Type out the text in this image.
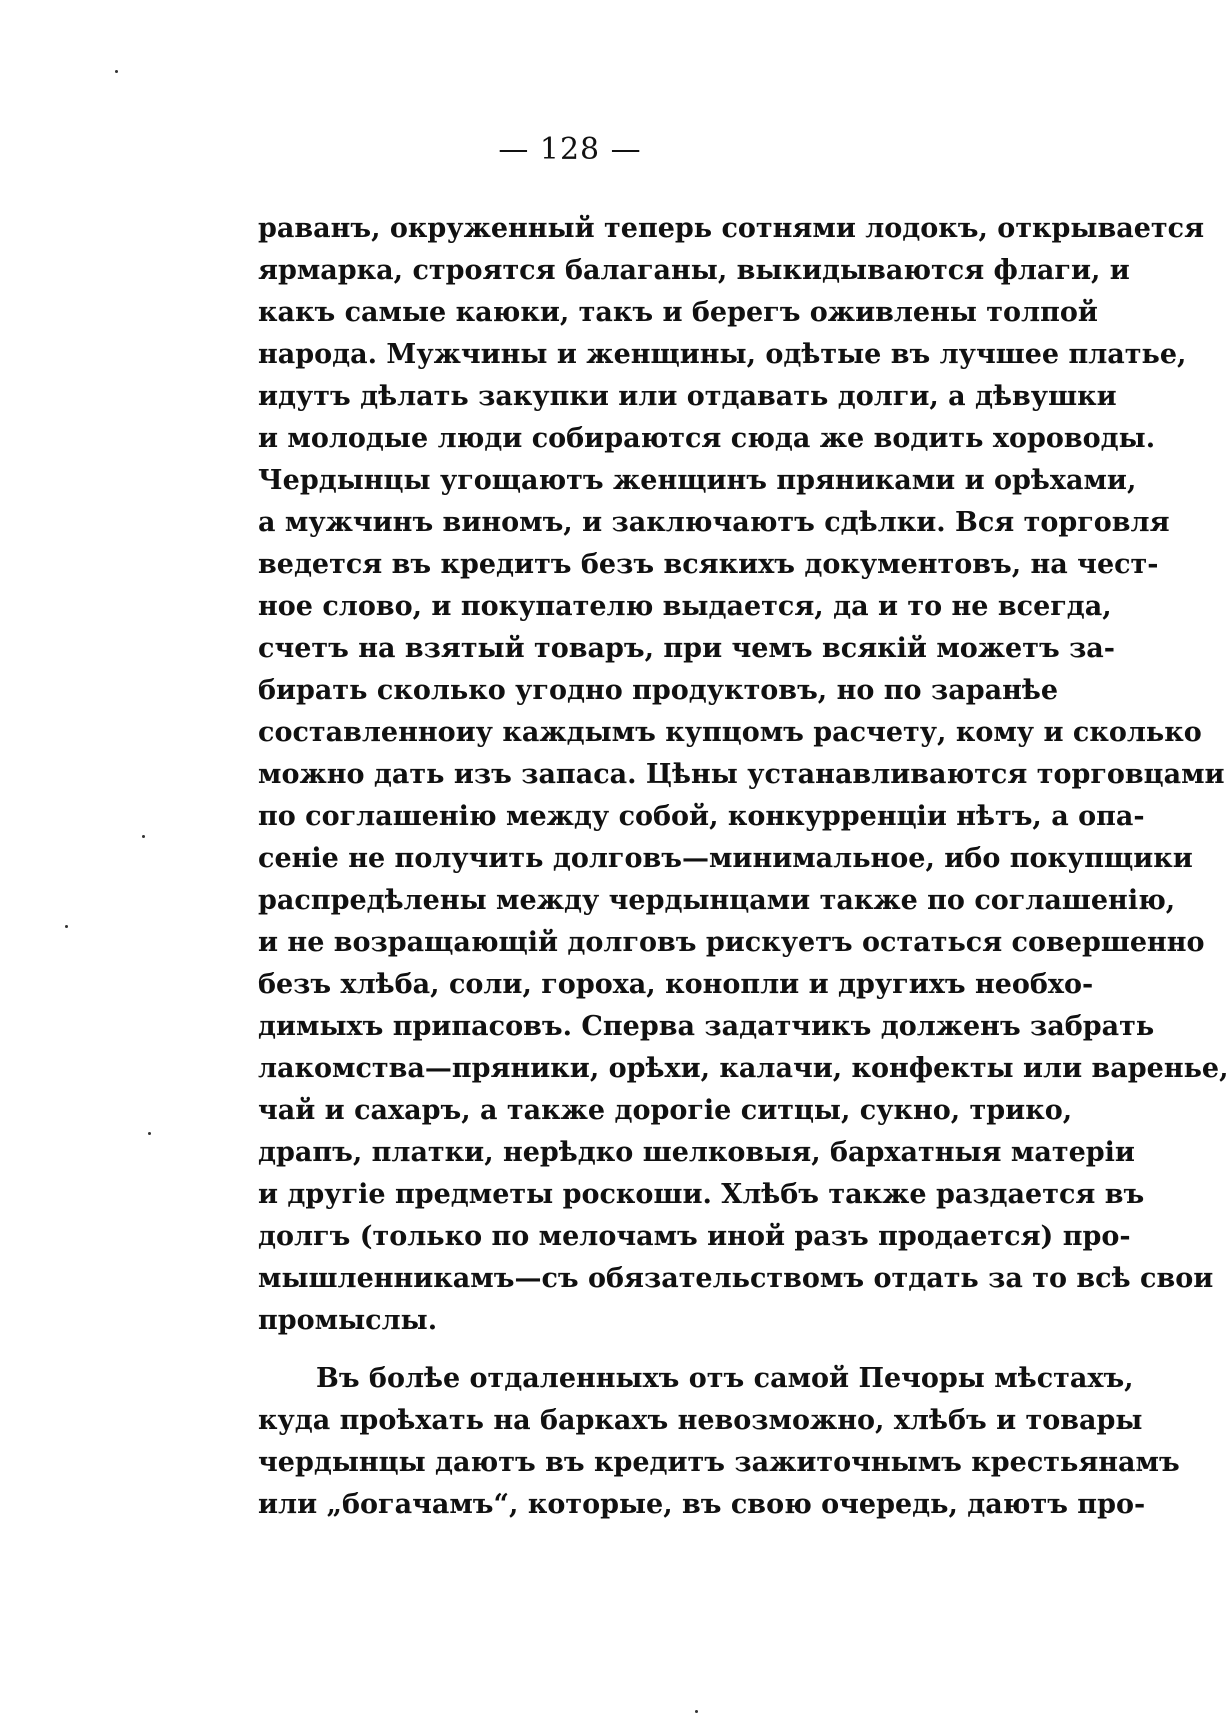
— 128 —
раванъ, окруженный теперь сотнями лодокъ, открывается
ярмарка, строятся балаганы, выкидываются флаги, и
какъ самые каюки, такъ и берегъ оживлены толпой
народа. Мужчины и женщины, одѣтые въ лучшее платье,
идутъ дѣлать закупки или отдавать долги, а дѣвушки
и молодые люди собираются сюда же водить хороводы.
Чердынцы угощаютъ женщинъ пряниками и орѣхами,
а мужчинъ виномъ, и заключаютъ сдѣлки. Вся торговля
ведется въ кредитъ безъ всякихъ документовъ, на чест-
ное слово, и покупателю выдается, да и то не всегда,
счетъ на взятый товаръ, при чемъ всякій можетъ за-
бирать сколько угодно продуктовъ, но по заранѣе
составленноиу каждымъ купцомъ расчету, кому и сколько
можно дать изъ запаса. Цѣны устанавливаются торговцами
по соглашенію между собой, конкурренціи нѣтъ, а опа-
сеніе не получить долговъ—минимальное, ибо покупщики
распредѣлены между чердынцами также по соглашенію,
и не возращающій долговъ рискуетъ остаться совершенно
безъ хлѣба, соли, гороха, конопли и другихъ необхо-
димыхъ припасовъ. Сперва задатчикъ долженъ забрать
лакомства—пряники, орѣхи, калачи, конфекты или варенье,
чай и сахаръ, а также дорогіе ситцы, сукно, трико,
драпъ, платки, нерѣдко шелковыя, бархатныя матеріи
и другіе предметы роскоши. Хлѣбъ также раздается въ
долгъ (только по мелочамъ иной разъ продается) про-
мышленникамъ—съ обязательствомъ отдать за то всѣ свои
промыслы.
Въ болѣе отдаленныхъ отъ самой Печоры мѣстахъ,
куда проѣхать на баркахъ невозможно, хлѣбъ и товары
чердынцы даютъ въ кредитъ зажиточнымъ крестьянамъ
или „богачамъ“, которые, въ свою очередь, даютъ про-
